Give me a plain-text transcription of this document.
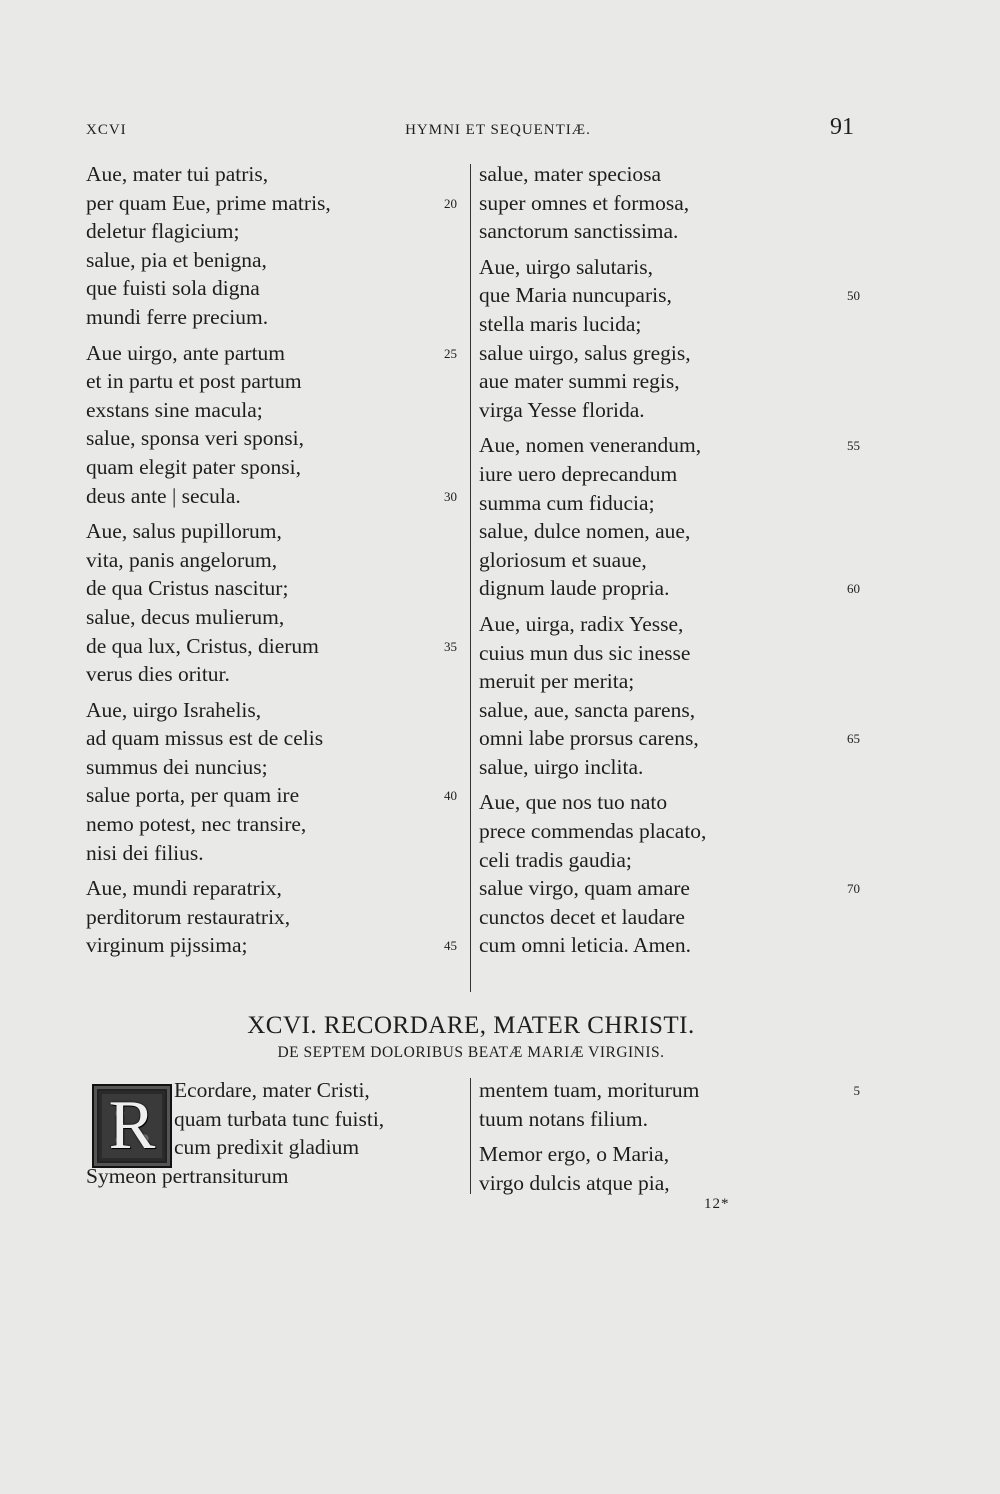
XCVI	HYMNI ET SEQUENTIÆ.	91
Aue, mater tui patris,
per quam Eue, prime matris,	20
deletur flagicium;
salue, pia et benigna,
que fuisti sola digna
mundi ferre precium.
Aue uirgo, ante partum	25
et in partu et post partum
exstans sine macula;
salue, sponsa veri sponsi,
quam elegit pater sponsi,
deus ante | secula.	30
Aue, salus pupillorum,
vita, panis angelorum,
de qua Cristus nascitur;
salue, decus mulierum,
de qua lux, Cristus, dierum	35
verus dies oritur.
Aue, uirgo Israhelis,
ad quam missus est de celis
summus dei nuncius;
salue porta, per quam ire	40
nemo potest, nec transire,
nisi dei filius.
Aue, mundi reparatrix,
perditorum restauratrix,
virginum pijssima;	45
salue, mater speciosa
super omnes et formosa,
sanctorum sanctissima.
Aue, uirgo salutaris,
que Maria nuncuparis,	50
stella maris lucida;
salue uirgo, salus gregis,
aue mater summi regis,
virga Yesse florida.
Aue, nomen venerandum,	55
iure uero deprecandum
summa cum fiducia;
salue, dulce nomen, aue,
gloriosum et suaue,
dignum laude propria.	60
Aue, uirga, radix Yesse,
cuius mun dus sic inesse
meruit per merita;
salue, aue, sancta parens,
omni labe prorsus carens,	65
salue, uirgo inclita.
Aue, que nos tuo nato
prece commendas placato,
celi tradis gaudia;
salue virgo, quam amare	70
cunctos decet et laudare
cum omni leticia. Amen.
XCVI. RECORDARE, MATER CHRISTI.
DE SEPTEM DOLORIBUS BEATÆ MARIÆ VIRGINIS.
R Ecordare, mater Cristi,
quam turbata tunc fuisti,
cum predixit gladium
Symeon pertransiturum
mentem tuam, moriturum	5
tuum notans filium.
Memor ergo, o Maria,
virgo dulcis atque pia,
12*
